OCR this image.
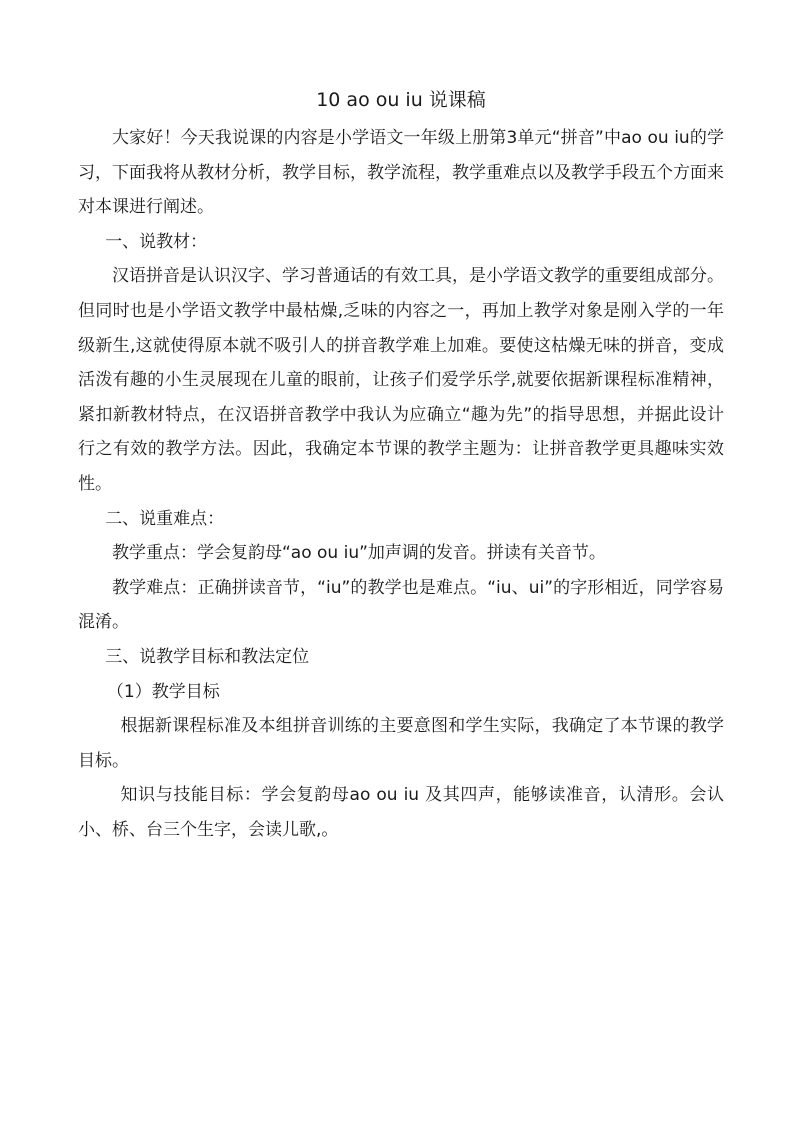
10 ao ou iu 说课稿

大家好！今天我说课的内容是小学语文一年级上册第3单元“拼音”中ao ou iu的学习，下面我将从教材分析，教学目标，教学流程，教学重难点以及教学手段五个方面来对本课进行阐述。

一、说教材：

汉语拼音是认识汉字、学习普通话的有效工具，是小学语文教学的重要组成部分。但同时也是小学语文教学中最枯燥,乏味的内容之一，再加上教学对象是刚入学的一年级新生,这就使得原本就不吸引人的拼音教学难上加难。要使这枯燥无味的拼音，变成活泼有趣的小生灵展现在儿童的眼前，让孩子们爱学乐学,就要依据新课程标准精神，紧扣新教材特点，在汉语拼音教学中我认为应确立“趣为先”的指导思想，并据此设计行之有效的教学方法。因此，我确定本节课的教学主题为：让拼音教学更具趣味实效性。

二、说重难点：

教学重点：学会复韵母“ao ou iu”加声调的发音。拼读有关音节。

教学难点：正确拼读音节，“iu”的教学也是难点。“iu、ui”的字形相近，同学容易混淆。

三、说教学目标和教法定位

（1）教学目标

根据新课程标准及本组拼音训练的主要意图和学生实际，我确定了本节课的教学目标。

知识与技能目标：学会复韵母ao ou iu 及其四声，能够读准音，认清形。会认小、桥、台三个生字，会读儿歌,。
